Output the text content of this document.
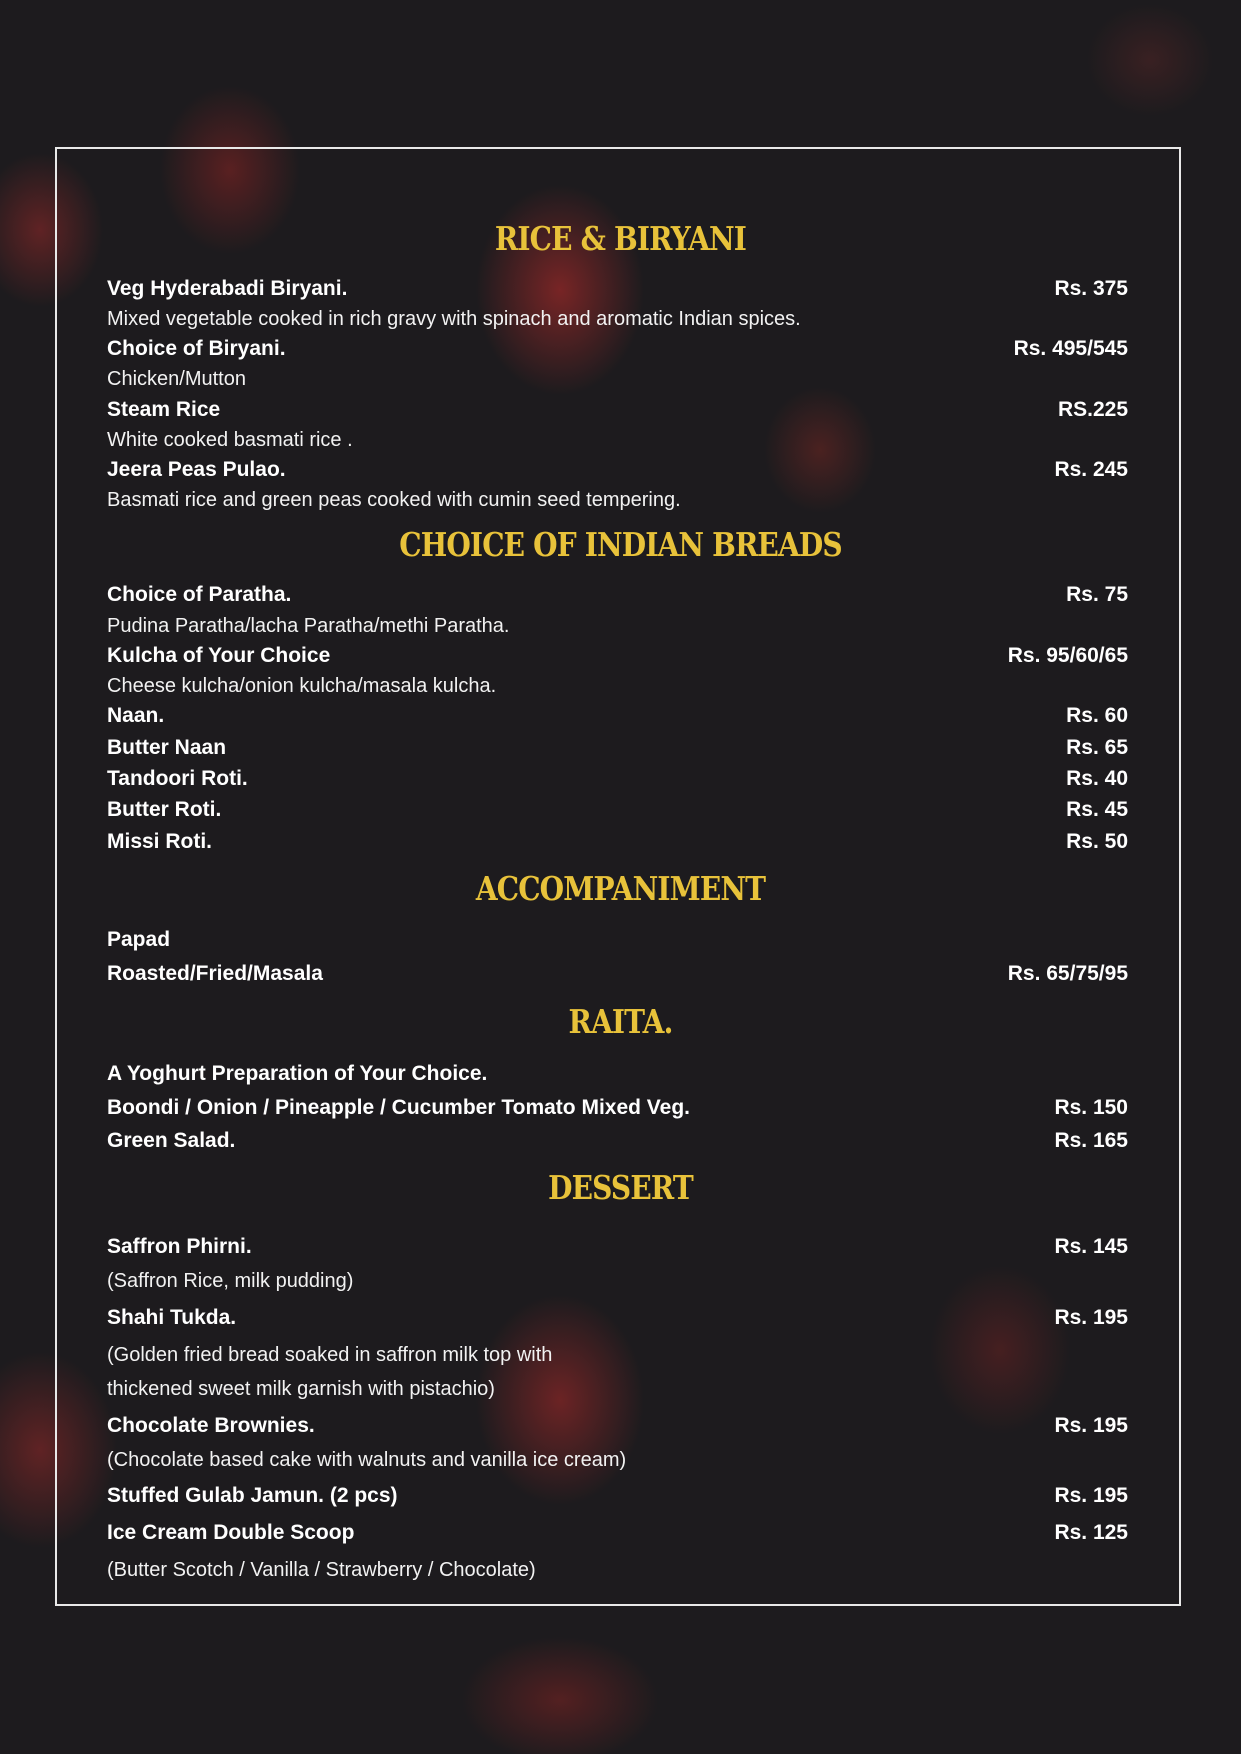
RICE & BIRYANI
Veg Hyderabadi Biryani.	Rs. 375
Mixed vegetable cooked in rich gravy with spinach and aromatic Indian spices.
Choice of Biryani.	Rs. 495/545
Chicken/Mutton
Steam Rice	RS.225
White cooked basmati rice .
Jeera Peas Pulao.	Rs. 245
Basmati rice and green peas cooked with cumin seed tempering.
CHOICE OF INDIAN BREADS
Choice of Paratha.	Rs. 75
Pudina Paratha/lacha Paratha/methi Paratha.
Kulcha of Your Choice	Rs. 95/60/65
Cheese kulcha/onion kulcha/masala kulcha.
Naan.	Rs. 60
Butter Naan	Rs. 65
Tandoori Roti.	Rs. 40
Butter Roti.	Rs. 45
Missi Roti.	Rs. 50
ACCOMPANIMENT
Papad
Roasted/Fried/Masala	Rs. 65/75/95
RAITA.
A Yoghurt Preparation of Your Choice.
Boondi / Onion / Pineapple / Cucumber Tomato Mixed Veg.	Rs. 150
Green Salad.	Rs. 165
DESSERT
Saffron Phirni.	Rs. 145
(Saffron Rice, milk pudding)
Shahi Tukda.	Rs. 195
(Golden fried bread soaked in saffron milk top with
thickened sweet milk garnish with pistachio)
Chocolate Brownies.	Rs. 195
(Chocolate based cake with walnuts and vanilla ice cream)
Stuffed Gulab Jamun. (2 pcs)	Rs. 195
Ice Cream Double Scoop	Rs. 125
(Butter Scotch / Vanilla / Strawberry / Chocolate)
